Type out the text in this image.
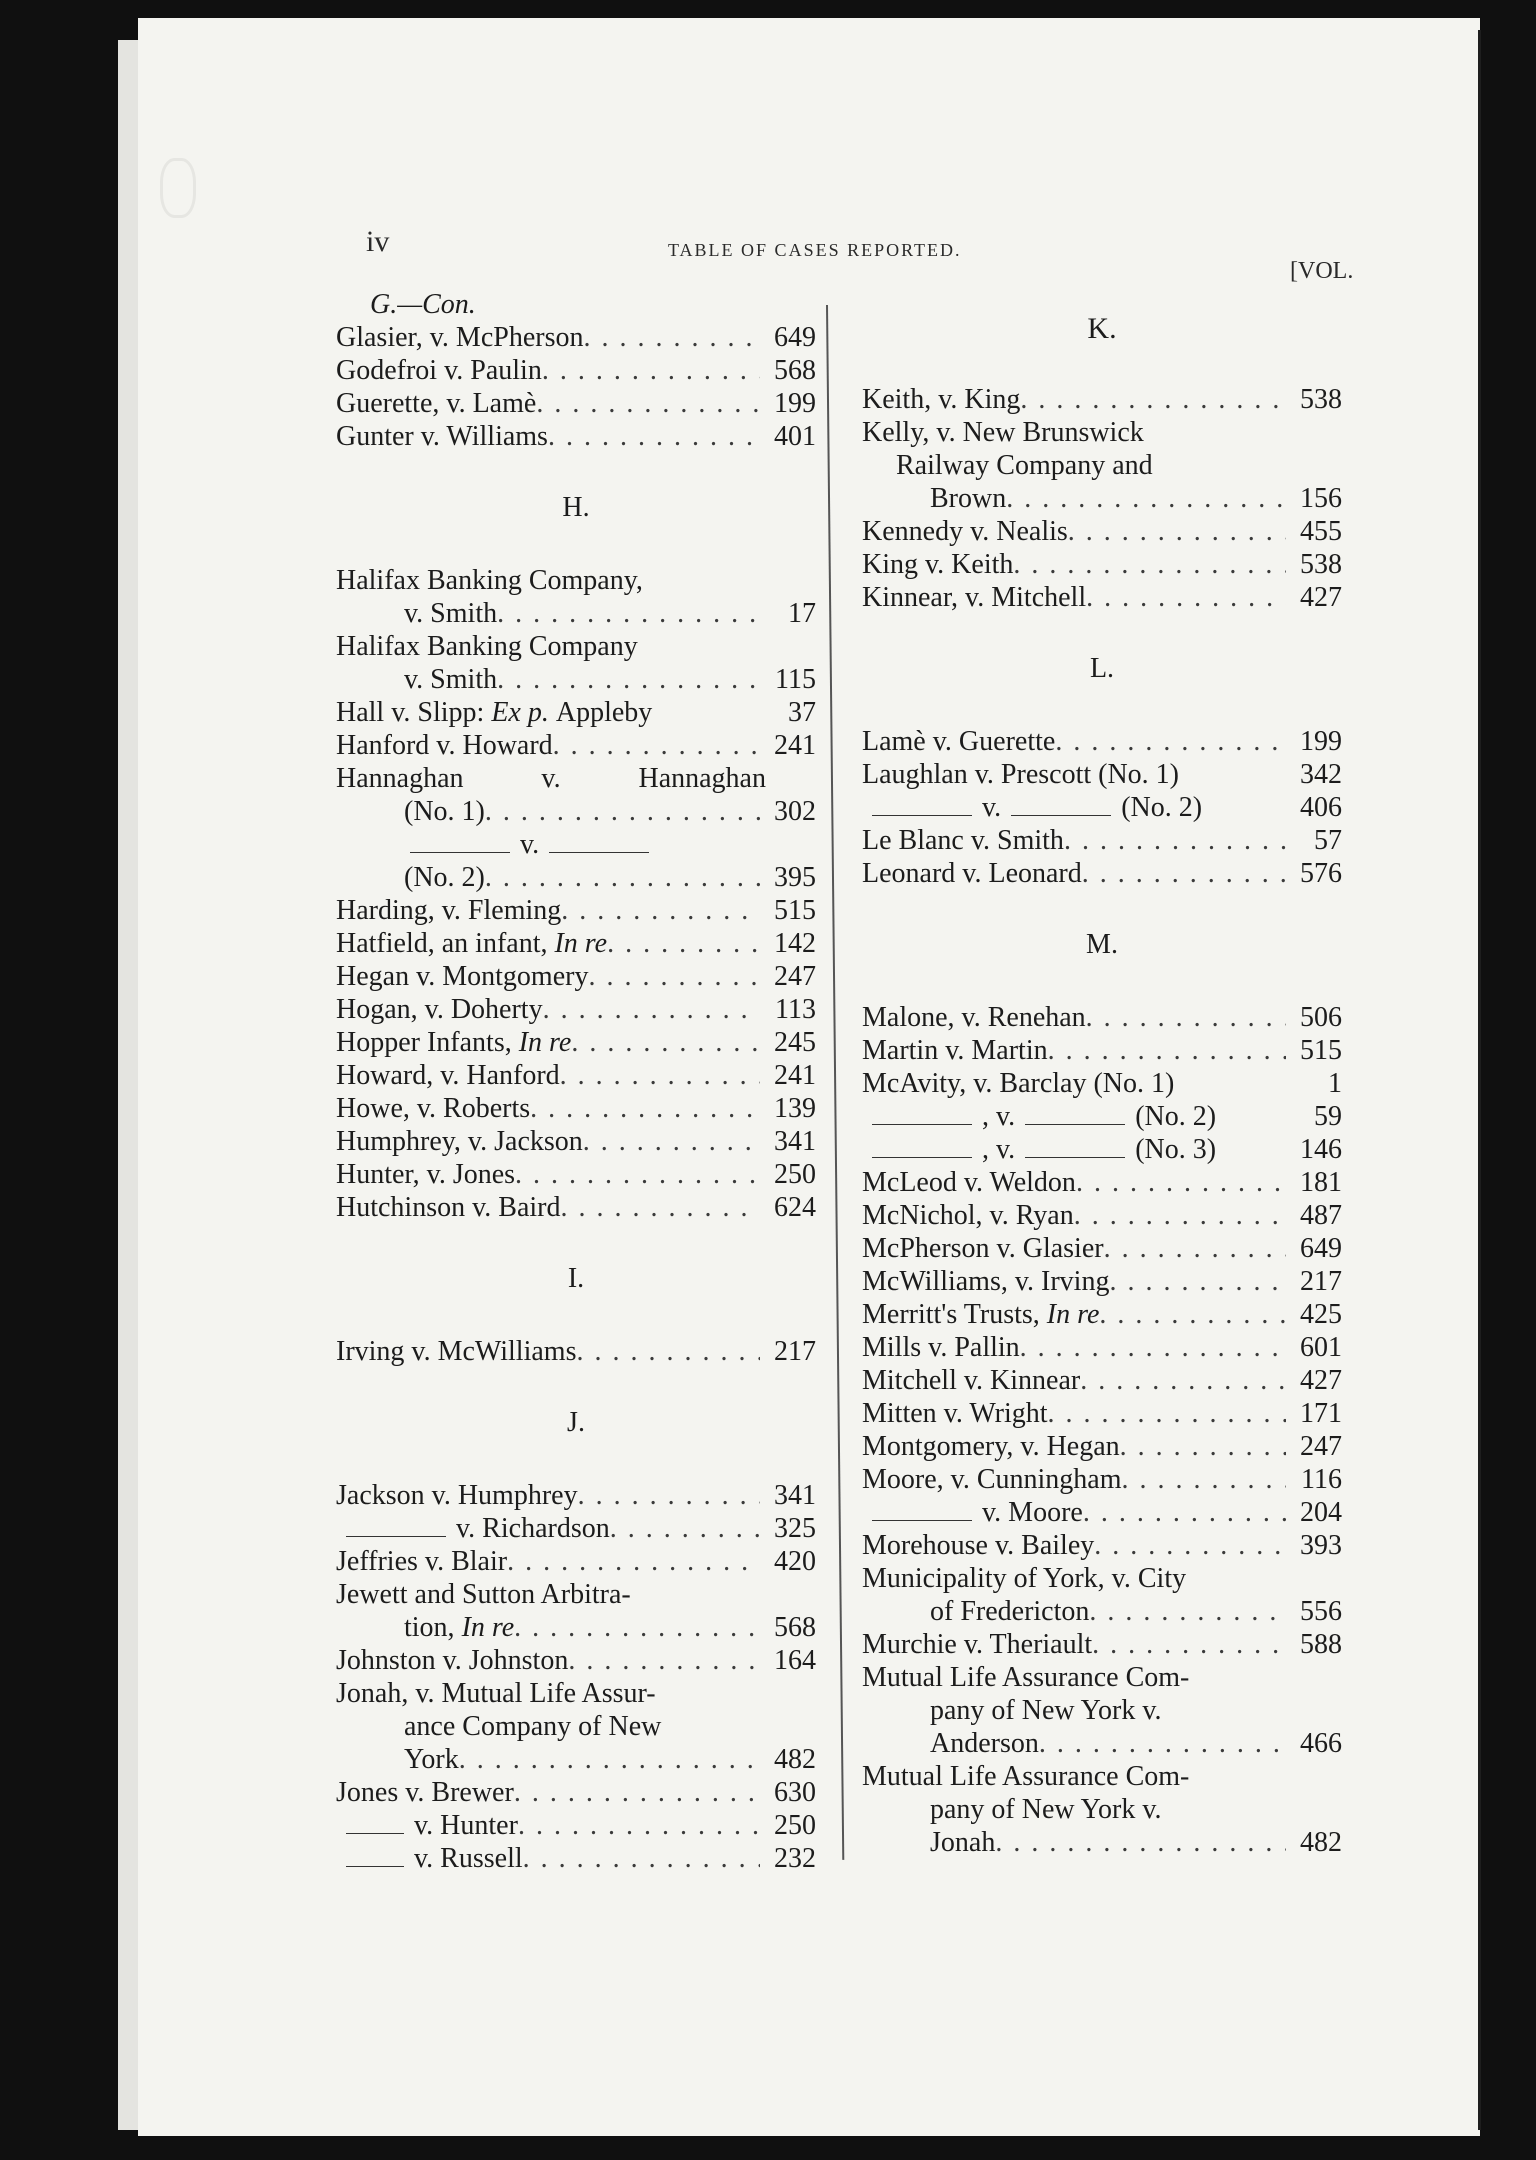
iv	TABLE OF CASES REPORTED.
[VOL.
G.—Con.
Glasier, v. McPherson . . .	649
Godefroi v. Paulin . . .	568
Guerette, v. Lamè . . .	199
Gunter v. Williams . . .	401
H.
Halifax Banking Company,
v. Smith . . .	17
Halifax Banking Company
v. Smith . . .	115
Hall v. Slipp:
Ex p.
Appleby	37
Hanford v. Howard . . .	241
Hannaghan	v.	Hannaghan
(No. 1) . . .	302
v.
(No. 2) . . .	395
Harding, v. Fleming . . .	515
Hatfield, an infant,
In re . . .	142
Hegan v. Montgomery . . .	247
Hogan, v. Doherty . . .	113
Hopper Infants,
In re . . .	245
Howard, v. Hanford . . .	241
Howe, v. Roberts . . .	139
Humphrey, v. Jackson . . .	341
Hunter, v. Jones . . .	250
Hutchinson v. Baird . . .	624
I.
Irving v. McWilliams . . .	217
J.
Jackson v. Humphrey . . .	341
v. Richardson . . .	325
Jeffries v. Blair . . .	420
Jewett and Sutton Arbitra-
tion,
In re . . .	568
Johnston v. Johnston . . .	164
Jonah, v. Mutual Life Assur-
ance Company of New
York . . .	482
Jones v. Brewer . . .	630
v. Hunter . . .	250
v. Russell . . .	232
K.
Keith, v. King . . .	538
Kelly, v. New Brunswick
Railway Company and
Brown . . .	156
Kennedy v. Nealis . . .	455
King v. Keith . . .	538
Kinnear, v. Mitchell . . .	427
L.
Lamè v. Guerette . . .	199
Laughlan v. Prescott (No. 1)	342
v.	(No. 2)	406
Le Blanc v. Smith . . .	57
Leonard v. Leonard . . .	576
M.
Malone, v. Renehan . . .	506
Martin v. Martin . . .	515
McAvity, v. Barclay (No. 1)	1
, v.	(No. 2)	59
, v.	(No. 3)	146
McLeod v. Weldon . . .	181
McNichol, v. Ryan . . .	487
McPherson v. Glasier . . .	649
McWilliams, v. Irving . . .	217
Merritt's Trusts,
In re . . .	425
Mills v. Pallin . . .	601
Mitchell v. Kinnear . . .	427
Mitten v. Wright . . .	171
Montgomery, v. Hegan . . .	247
Moore, v. Cunningham . . .	116
v. Moore . . .	204
Morehouse v. Bailey . . .	393
Municipality of York, v. City
of Fredericton . . .	556
Murchie v. Theriault . . .	588
Mutual Life Assurance Com-
pany of New York v.
Anderson . . .	466
Mutual Life Assurance Com-
pany of New York v.
Jonah . . .	482
